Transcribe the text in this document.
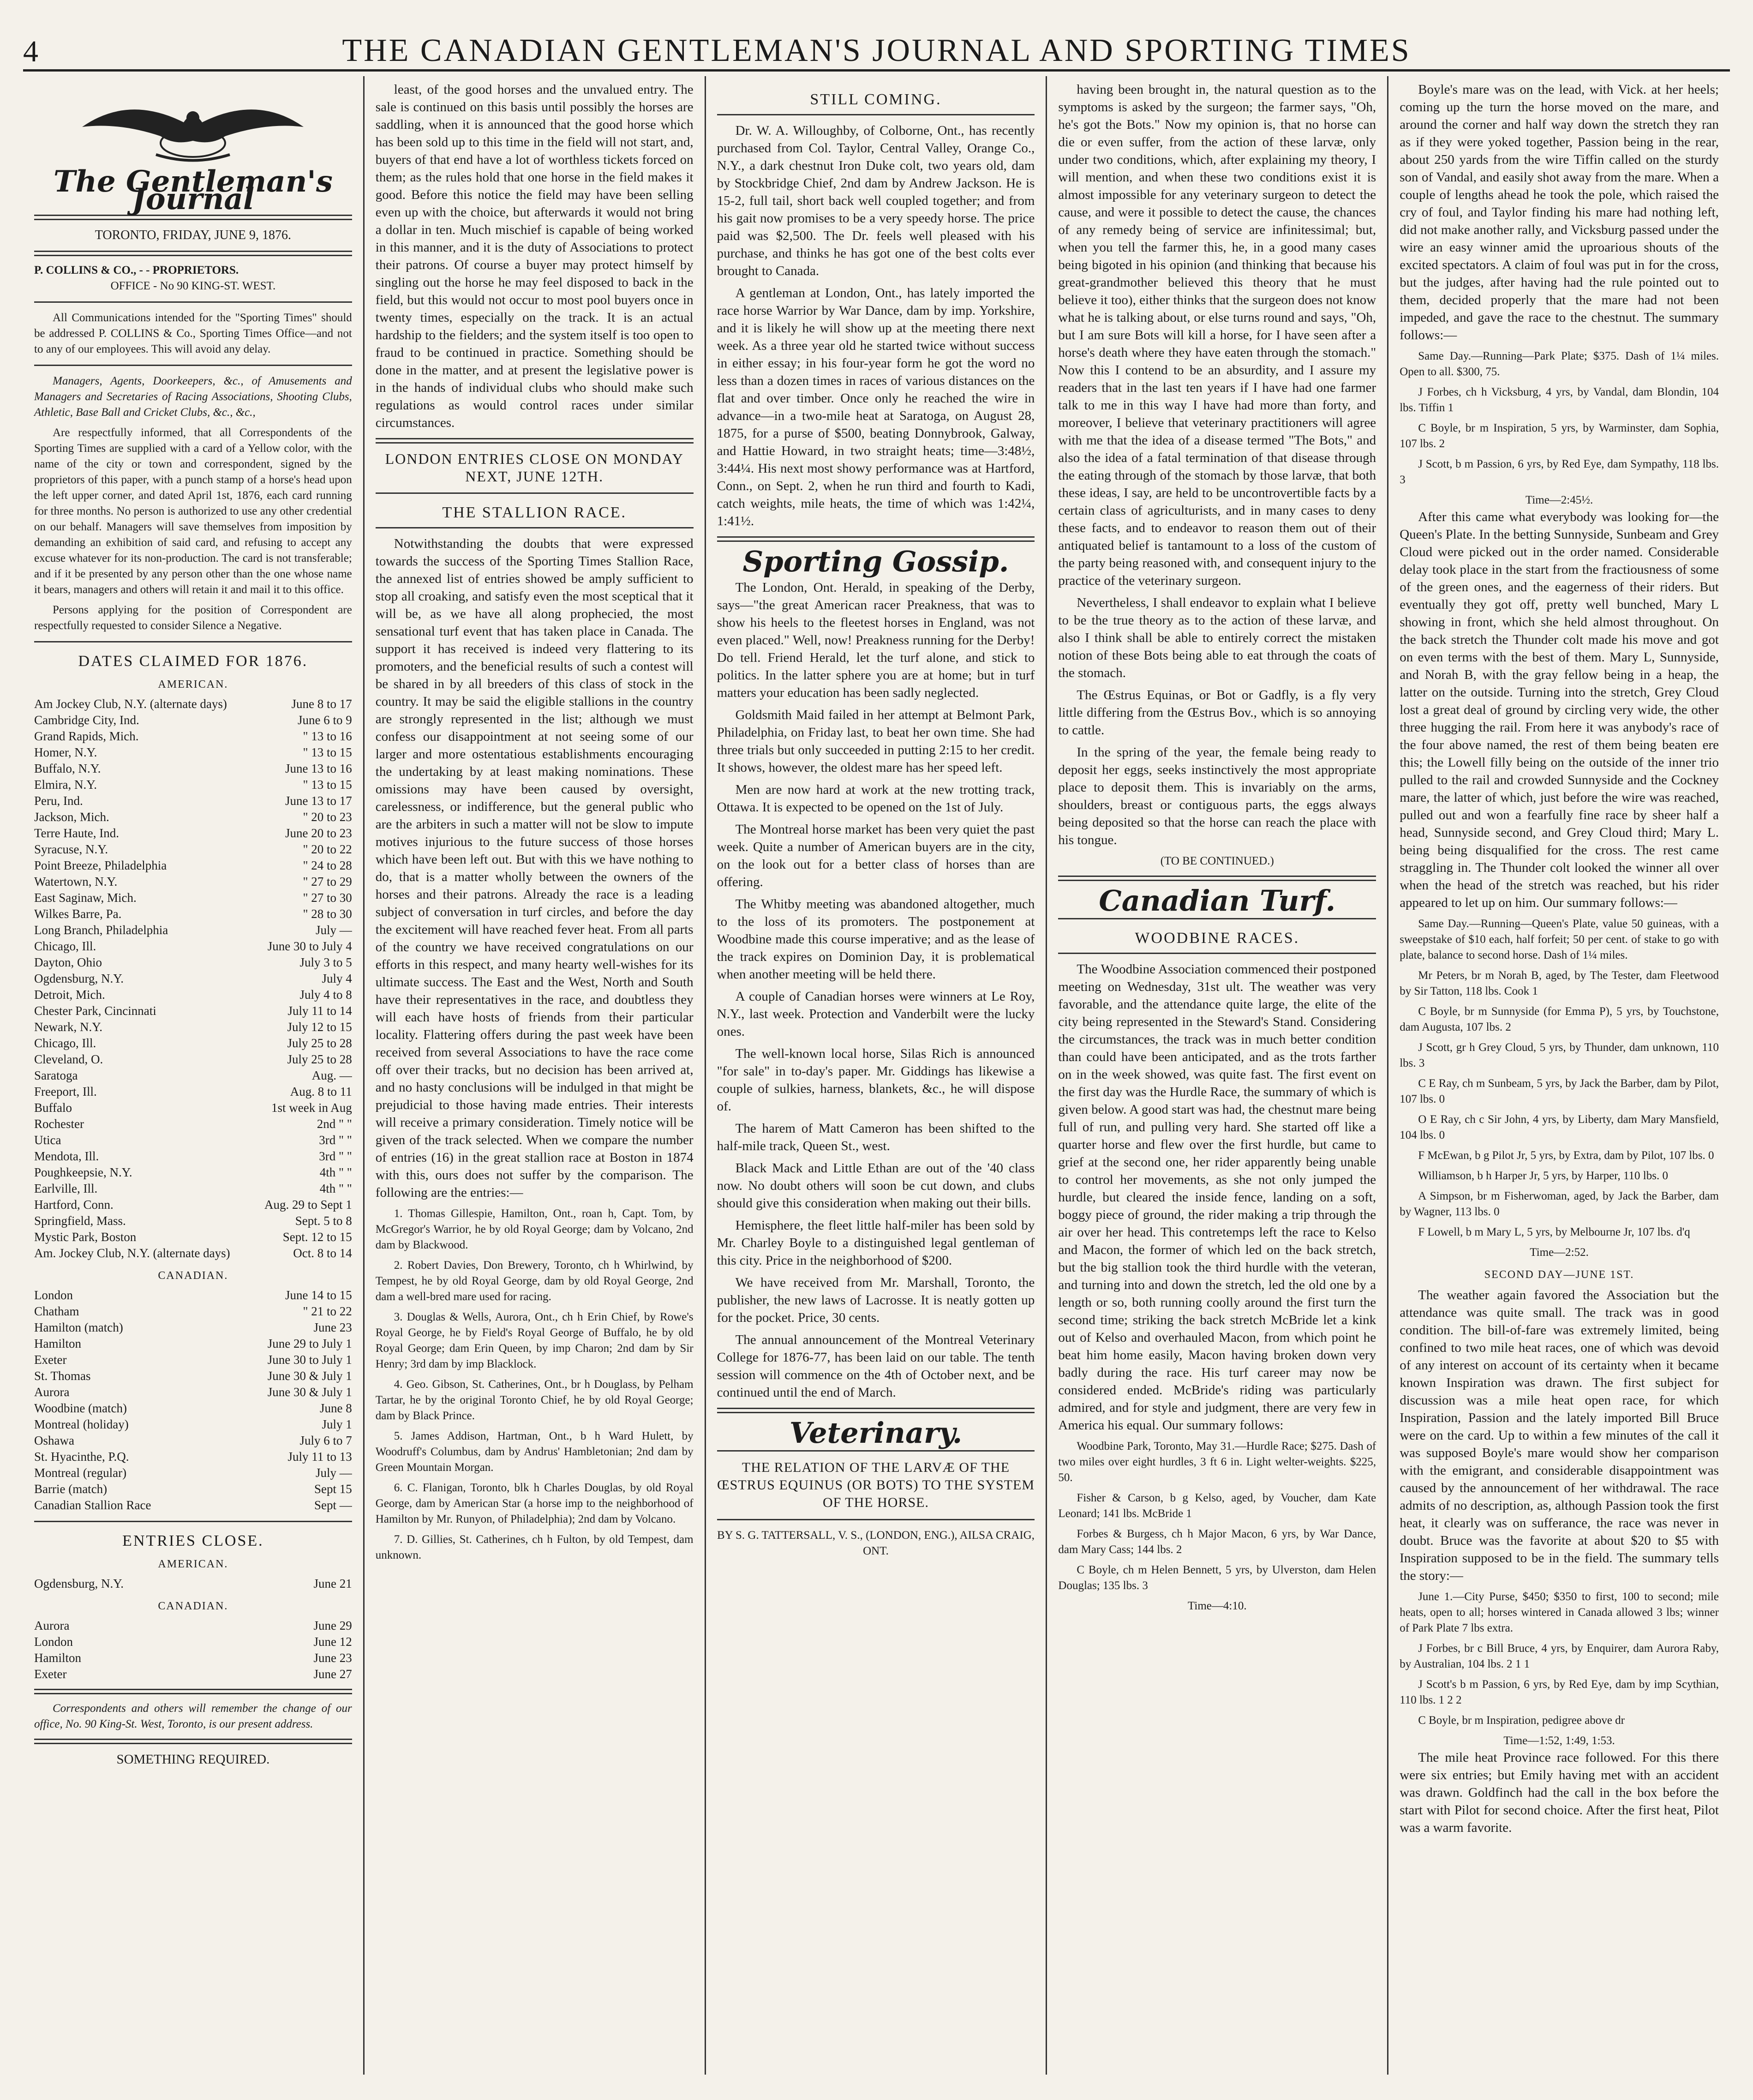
4	THE CANADIAN GENTLEMAN'S JOURNAL AND SPORTING TIMES
The Gentleman's Journal
TORONTO, FRIDAY, JUNE 9, 1876.
P. COLLINS & CO., - - PROPRIETORS.
OFFICE - No 90 KING-ST. WEST.

All Communications intended for the "Sporting Times" should be addressed P. COLLINS & Co., Sporting Times Office—and not to any of our employees. This will avoid any delay.

Managers, Agents, Doorkeepers, &c., of Amusements and Managers and Secretaries of Racing Associations, Shooting Clubs, Athletic, Base Ball and Cricket Clubs, &c., &c.,

Are respectfully informed, that all Correspondents of the Sporting Times are supplied with a card of a Yellow color, with the name of the city or town and correspondent, signed by the proprietors of this paper, with a punch stamp of a horse's head upon the left upper corner, and dated April 1st, 1876, each card running for three months. No person is authorized to use any other credential on our behalf. Managers will save themselves from imposition by demanding an exhibition of said card, and refusing to accept any excuse whatever for its non-production. The card is not transferable; and if it be presented by any person other than the one whose name it bears, managers and others will retain it and mail it to this office.

Persons applying for the position of Correspondent are respectfully requested to consider Silence a Negative.

DATES CLAIMED FOR 1876.
AMERICAN.
Am Jockey Club, N.Y. (alternate days)	June 8 to 17
Cambridge City, Ind.	June 6 to 9
Grand Rapids, Mich.	" 13 to 16
Homer, N.Y.	" 13 to 15
Buffalo, N.Y.	June 13 to 16
Elmira, N.Y.	" 13 to 15
Peru, Ind.	June 13 to 17
Jackson, Mich.	" 20 to 23
Terre Haute, Ind.	June 20 to 23
Syracuse, N.Y.	" 20 to 22
Point Breeze, Philadelphia	" 24 to 28
Watertown, N.Y.	" 27 to 29
East Saginaw, Mich.	" 27 to 30
Wilkes Barre, Pa.	" 28 to 30
Long Branch, Philadelphia	July —
Chicago, Ill.	June 30 to July 4
Dayton, Ohio	July 3 to 5
Ogdensburg, N.Y.	July 4
Detroit, Mich.	July 4 to 8
Chester Park, Cincinnati	July 11 to 14
Newark, N.Y.	July 12 to 15
Chicago, Ill.	July 25 to 28
Cleveland, O.	July 25 to 28
Saratoga	Aug. —
Freeport, Ill.	Aug. 8 to 11
Buffalo	1st week in Aug
Rochester	2nd " "
Utica	3rd " "
Mendota, Ill.	3rd " "
Poughkeepsie, N.Y.	4th " "
Earlville, Ill.	4th " "
Hartford, Conn.	Aug. 29 to Sept 1
Springfield, Mass.	Sept. 5 to 8
Mystic Park, Boston	Sept. 12 to 15
Am. Jockey Club, N.Y. (alternate days)	Oct. 8 to 14
CANADIAN.
London	June 14 to 15
Chatham	" 21 to 22
Hamilton (match)	June 23
Hamilton	June 29 to July 1
Exeter	June 30 to July 1
St. Thomas	June 30 & July 1
Aurora	June 30 & July 1
Woodbine (match)	June 8
Montreal (holiday)	July 1
Oshawa	July 6 to 7
St. Hyacinthe, P.Q.	July 11 to 13
Montreal (regular)	July —
Barrie (match)	Sept 15
Canadian Stallion Race	Sept —
ENTRIES CLOSE.
AMERICAN.
Ogdensburg, N.Y.	June 21
CANADIAN.
Aurora	June 29
London	June 12
Hamilton	June 23
Exeter	June 27

Correspondents and others will remember the change of our office, No. 90 King-St. West, Toronto, is our present address.

SOMETHING REQUIRED.

least, of the good horses and the unvalued entry. The sale is continued on this basis until possibly the horses are saddling, when it is announced that the good horse which has been sold up to this time in the field will not start, and, buyers of that end have a lot of worthless tickets forced on them; as the rules hold that one horse in the field makes it good. Before this notice the field may have been selling even up with the choice, but afterwards it would not bring a dollar in ten. Much mischief is capable of being worked in this manner, and it is the duty of Associations to protect their patrons. Of course a buyer may protect himself by singling out the horse he may feel disposed to back in the field, but this would not occur to most pool buyers once in twenty times, especially on the track. It is an actual hardship to the fielders; and the system itself is too open to fraud to be continued in practice. Something should be done in the matter, and at present the legislative power is in the hands of individual clubs who should make such regulations as would control races under similar circumstances.

LONDON ENTRIES CLOSE ON MONDAY NEXT, JUNE 12TH.
THE STALLION RACE.

Notwithstanding the doubts that were expressed towards the success of the Sporting Times Stallion Race, the annexed list of entries showed be amply sufficient to stop all croaking, and satisfy even the most sceptical that it will be, as we have all along prophecied, the most sensational turf event that has taken place in Canada. The support it has received is indeed very flattering to its promoters, and the beneficial results of such a contest will be shared in by all breeders of this class of stock in the country. It may be said the eligible stallions in the country are strongly represented in the list; although we must confess our disappointment at not seeing some of our larger and more ostentatious establishments encouraging the undertaking by at least making nominations. These omissions may have been caused by oversight, carelessness, or indifference, but the general public who are the arbiters in such a matter will not be slow to impute motives injurious to the future success of those horses which have been left out. But with this we have nothing to do, that is a matter wholly between the owners of the horses and their patrons. Already the race is a leading subject of conversation in turf circles, and before the day the excitement will have reached fever heat. From all parts of the country we have received congratulations on our efforts in this respect, and many hearty well-wishes for its ultimate success. The East and the West, North and South have their representatives in the race, and doubtless they will each have hosts of friends from their particular locality. Flattering offers during the past week have been received from several Associations to have the race come off over their tracks, but no decision has been arrived at, and no hasty conclusions will be indulged in that might be prejudicial to those having made entries. Their interests will receive a primary consideration. Timely notice will be given of the track selected. When we compare the number of entries (16) in the great stallion race at Boston in 1874 with this, ours does not suffer by the comparison. The following are the entries:—

1. Thomas Gillespie, Hamilton, Ont., roan h, Capt. Tom, by McGregor's Warrior, he by old Royal George; dam by Volcano, 2nd dam by Blackwood.

2. Robert Davies, Don Brewery, Toronto, ch h Whirlwind, by Tempest, he by old Royal George, dam by old Royal George, 2nd dam a well-bred mare used for racing.

3. Douglas & Wells, Aurora, Ont., ch h Erin Chief, by Rowe's Royal George, he by Field's Royal George of Buffalo, he by old Royal George; dam Erin Queen, by imp Charon; 2nd dam by Sir Henry; 3rd dam by imp Blacklock.

4. Geo. Gibson, St. Catherines, Ont., br h Douglass, by Pelham Tartar, he by the original Toronto Chief, he by old Royal George; dam by Black Prince.

5. James Addison, Hartman, Ont., b h Ward Hulett, by Woodruff's Columbus, dam by Andrus' Hambletonian; 2nd dam by Green Mountain Morgan.

6. C. Flanigan, Toronto, blk h Charles Douglas, by old Royal George, dam by American Star (a horse imp to the neighborhood of Hamilton by Mr. Runyon, of Philadelphia); 2nd dam by Volcano.

7. D. Gillies, St. Catherines, ch h Fulton, by old Tempest, dam unknown.

STILL COMING.

Dr. W. A. Willoughby, of Colborne, Ont., has recently purchased from Col. Taylor, Central Valley, Orange Co., N.Y., a dark chestnut Iron Duke colt, two years old, dam by Stockbridge Chief, 2nd dam by Andrew Jackson. He is 15-2, full tail, short back well coupled together; and from his gait now promises to be a very speedy horse. The price paid was $2,500. The Dr. feels well pleased with his purchase, and thinks he has got one of the best colts ever brought to Canada.

A gentleman at London, Ont., has lately imported the race horse Warrior by War Dance, dam by imp. Yorkshire, and it is likely he will show up at the meeting there next week. As a three year old he started twice without success in either essay; in his four-year form he got the word no less than a dozen times in races of various distances on the flat and over timber. Once only he reached the wire in advance—in a two-mile heat at Saratoga, on August 28, 1875, for a purse of $500, beating Donnybrook, Galway, and Hattie Howard, in two straight heats; time—3:48½, 3:44¼. His next most showy performance was at Hartford, Conn., on Sept. 2, when he run third and fourth to Kadi, catch weights, mile heats, the time of which was 1:42¼, 1:41½.

Sporting Gossip.

The London, Ont. Herald, in speaking of the Derby, says—"the great American racer Preakness, that was to show his heels to the fleetest horses in England, was not even placed." Well, now! Preakness running for the Derby! Do tell. Friend Herald, let the turf alone, and stick to politics. In the latter sphere you are at home; but in turf matters your education has been sadly neglected.

Goldsmith Maid failed in her attempt at Belmont Park, Philadelphia, on Friday last, to beat her own time. She had three trials but only succeeded in putting 2:15 to her credit. It shows, however, the oldest mare has her speed left.

Men are now hard at work at the new trotting track, Ottawa. It is expected to be opened on the 1st of July.

The Montreal horse market has been very quiet the past week. Quite a number of American buyers are in the city, on the look out for a better class of horses than are offering.

The Whitby meeting was abandoned altogether, much to the loss of its promoters. The postponement at Woodbine made this course imperative; and as the lease of the track expires on Dominion Day, it is problematical when another meeting will be held there.

A couple of Canadian horses were winners at Le Roy, N.Y., last week. Protection and Vanderbilt were the lucky ones.

The well-known local horse, Silas Rich is announced "for sale" in to-day's paper. Mr. Giddings has likewise a couple of sulkies, harness, blankets, &c., he will dispose of.

The harem of Matt Cameron has been shifted to the half-mile track, Queen St., west.

Black Mack and Little Ethan are out of the '40 class now. No doubt others will soon be cut down, and clubs should give this consideration when making out their bills.

Hemisphere, the fleet little half-miler has been sold by Mr. Charley Boyle to a distinguished legal gentleman of this city. Price in the neighborhood of $200.

We have received from Mr. Marshall, Toronto, the publisher, the new laws of Lacrosse. It is neatly gotten up for the pocket. Price, 30 cents.

The annual announcement of the Montreal Veterinary College for 1876-77, has been laid on our table. The tenth session will commence on the 4th of October next, and be continued until the end of March.

Veterinary.
THE RELATION OF THE LARVÆ OF THE ŒSTRUS EQUINUS (OR BOTS) TO THE SYSTEM OF THE HORSE.
BY S. G. TATTERSALL, V. S., (LONDON, ENG.), AILSA CRAIG, ONT.

having been brought in, the natural question as to the symptoms is asked by the surgeon; the farmer says, "Oh, he's got the Bots." Now my opinion is, that no horse can die or even suffer, from the action of these larvæ, only under two conditions, which, after explaining my theory, I will mention, and when these two conditions exist it is almost impossible for any veterinary surgeon to detect the cause, and were it possible to detect the cause, the chances of any remedy being of service are infinitessimal; but, when you tell the farmer this, he, in a good many cases being bigoted in his opinion (and thinking that because his great-grandmother believed this theory that he must believe it too), either thinks that the surgeon does not know what he is talking about, or else turns round and says, "Oh, but I am sure Bots will kill a horse, for I have seen after a horse's death where they have eaten through the stomach." Now this I contend to be an absurdity, and I assure my readers that in the last ten years if I have had one farmer talk to me in this way I have had more than forty, and moreover, I believe that veterinary practitioners will agree with me that the idea of a disease termed "The Bots," and also the idea of a fatal termination of that disease through the eating through of the stomach by those larvæ, that both these ideas, I say, are held to be uncontrovertible facts by a certain class of agriculturists, and in many cases to deny these facts, and to endeavor to reason them out of their antiquated belief is tantamount to a loss of the custom of the party being reasoned with, and consequent injury to the practice of the veterinary surgeon.

Nevertheless, I shall endeavor to explain what I believe to be the true theory as to the action of these larvæ, and also I think shall be able to entirely correct the mistaken notion of these Bots being able to eat through the coats of the stomach.

The Œstrus Equinas, or Bot or Gadfly, is a fly very little differing from the Œstrus Bov., which is so annoying to cattle.

In the spring of the year, the female being ready to deposit her eggs, seeks instinctively the most appropriate place to deposit them. This is invariably on the arms, shoulders, breast or contiguous parts, the eggs always being deposited so that the horse can reach the place with his tongue.

(TO BE CONTINUED.)
Canadian Turf.
WOODBINE RACES.

The Woodbine Association commenced their postponed meeting on Wednesday, 31st ult. The weather was very favorable, and the attendance quite large, the elite of the city being represented in the Steward's Stand. Considering the circumstances, the track was in much better condition than could have been anticipated, and as the trots farther on in the week showed, was quite fast. The first event on the first day was the Hurdle Race, the summary of which is given below. A good start was had, the chestnut mare being full of run, and pulling very hard. She started off like a quarter horse and flew over the first hurdle, but came to grief at the second one, her rider apparently being unable to control her movements, as she not only jumped the hurdle, but cleared the inside fence, landing on a soft, boggy piece of ground, the rider making a trip through the air over her head. This contretemps left the race to Kelso and Macon, the former of which led on the back stretch, but the big stallion took the third hurdle with the veteran, and turning into and down the stretch, led the old one by a length or so, both running coolly around the first turn the second time; striking the back stretch McBride let a kink out of Kelso and overhauled Macon, from which point he beat him home easily, Macon having broken down very badly during the race. His turf career may now be considered ended. McBride's riding was particularly admired, and for style and judgment, there are very few in America his equal. Our summary follows:

Woodbine Park, Toronto, May 31.—Hurdle Race; $275. Dash of two miles over eight hurdles, 3 ft 6 in. Light welter-weights. $225, 50.

Fisher & Carson, b g Kelso, aged, by Voucher, dam Kate Leonard; 141 lbs. McBride 1

Forbes & Burgess, ch h Major Macon, 6 yrs, by War Dance, dam Mary Cass; 144 lbs. 2

C Boyle, ch m Helen Bennett, 5 yrs, by Ulverston, dam Helen Douglas; 135 lbs. 3

Time—4:10.

Boyle's mare was on the lead, with Vick. at her heels; coming up the turn the horse moved on the mare, and around the corner and half way down the stretch they ran as if they were yoked together, Passion being in the rear, about 250 yards from the wire Tiffin called on the sturdy son of Vandal, and easily shot away from the mare. When a couple of lengths ahead he took the pole, which raised the cry of foul, and Taylor finding his mare had nothing left, did not make another rally, and Vicksburg passed under the wire an easy winner amid the uproarious shouts of the excited spectators. A claim of foul was put in for the cross, but the judges, after having had the rule pointed out to them, decided properly that the mare had not been impeded, and gave the race to the chestnut. The summary follows:—

Same Day.—Running—Park Plate; $375. Dash of 1¼ miles. Open to all. $300, 75.

J Forbes, ch h Vicksburg, 4 yrs, by Vandal, dam Blondin, 104 lbs. Tiffin 1

C Boyle, br m Inspiration, 5 yrs, by Warminster, dam Sophia, 107 lbs. 2

J Scott, b m Passion, 6 yrs, by Red Eye, dam Sympathy, 118 lbs. 3

Time—2:45½.

After this came what everybody was looking for—the Queen's Plate. In the betting Sunnyside, Sunbeam and Grey Cloud were picked out in the order named. Considerable delay took place in the start from the fractiousness of some of the green ones, and the eagerness of their riders. But eventually they got off, pretty well bunched, Mary L showing in front, which she held almost throughout. On the back stretch the Thunder colt made his move and got on even terms with the best of them. Mary L, Sunnyside, and Norah B, with the gray fellow being in a heap, the latter on the outside. Turning into the stretch, Grey Cloud lost a great deal of ground by circling very wide, the other three hugging the rail. From here it was anybody's race of the four above named, the rest of them being beaten ere this; the Lowell filly being on the outside of the inner trio pulled to the rail and crowded Sunnyside and the Cockney mare, the latter of which, just before the wire was reached, pulled out and won a fearfully fine race by sheer half a head, Sunnyside second, and Grey Cloud third; Mary L. being being disqualified for the cross. The rest came straggling in. The Thunder colt looked the winner all over when the head of the stretch was reached, but his rider appeared to let up on him. Our summary follows:—

Same Day.—Running—Queen's Plate, value 50 guineas, with a sweepstake of $10 each, half forfeit; 50 per cent. of stake to go with plate, balance to second horse. Dash of 1¼ miles.

Mr Peters, br m Norah B, aged, by The Tester, dam Fleetwood by Sir Tatton, 118 lbs. Cook 1

C Boyle, br m Sunnyside (for Emma P), 5 yrs, by Touchstone, dam Augusta, 107 lbs. 2

J Scott, gr h Grey Cloud, 5 yrs, by Thunder, dam unknown, 110 lbs. 3

C E Ray, ch m Sunbeam, 5 yrs, by Jack the Barber, dam by Pilot, 107 lbs. 0

O E Ray, ch c Sir John, 4 yrs, by Liberty, dam Mary Mansfield, 104 lbs. 0

F McEwan, b g Pilot Jr, 5 yrs, by Extra, dam by Pilot, 107 lbs. 0

Williamson, b h Harper Jr, 5 yrs, by Harper, 110 lbs. 0

A Simpson, br m Fisherwoman, aged, by Jack the Barber, dam by Wagner, 113 lbs. 0

F Lowell, b m Mary L, 5 yrs, by Melbourne Jr, 107 lbs. d'q

Time—2:52.
SECOND DAY—JUNE 1ST.

The weather again favored the Association but the attendance was quite small. The track was in good condition. The bill-of-fare was extremely limited, being confined to two mile heat races, one of which was devoid of any interest on account of its certainty when it became known Inspiration was drawn. The first subject for discussion was a mile heat open race, for which Inspiration, Passion and the lately imported Bill Bruce were on the card. Up to within a few minutes of the call it was supposed Boyle's mare would show her comparison with the emigrant, and considerable disappointment was caused by the announcement of her withdrawal. The race admits of no description, as, although Passion took the first heat, it clearly was on sufferance, the race was never in doubt. Bruce was the favorite at about $20 to $5 with Inspiration supposed to be in the field. The summary tells the story:—

June 1.—City Purse, $450; $350 to first, 100 to second; mile heats, open to all; horses wintered in Canada allowed 3 lbs; winner of Park Plate 7 lbs extra.

J Forbes, br c Bill Bruce, 4 yrs, by Enquirer, dam Aurora Raby, by Australian, 104 lbs. 2 1 1

J Scott's b m Passion, 6 yrs, by Red Eye, dam by imp Scythian, 110 lbs. 1 2 2

C Boyle, br m Inspiration, pedigree above dr

Time—1:52, 1:49, 1:53.

The mile heat Province race followed. For this there were six entries; but Emily having met with an accident was drawn. Goldfinch had the call in the box before the start with Pilot for second choice. After the first heat, Pilot was a warm favorite.
